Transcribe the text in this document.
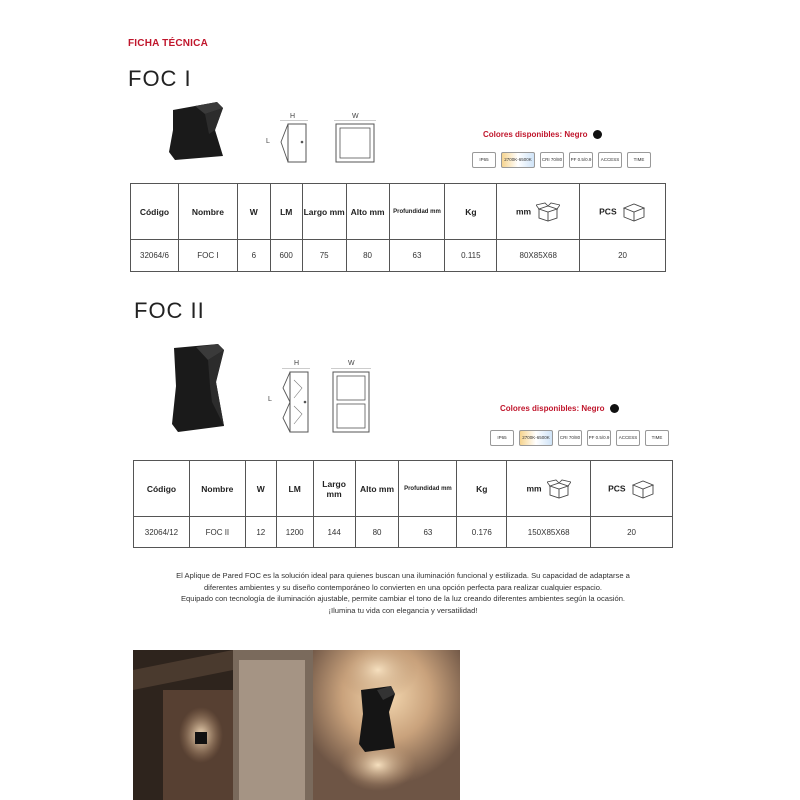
FICHA TÉCNICA
FOC I
H
L
W
Colores disponibles: Negro
IP65	2700K-6500K	CRI 70/80	PF 0.5/0.9	ACCESS	TIME
Código	Nombre	W	LM	Largo mm	Alto mm	Profundidad mm	Kg	mm	PCS
32064/6	FOC I	6	600	75	80	63	0.115	80X85X68	20
FOC II
H
L
W
Colores disponibles: Negro
IP65	2700K-6500K	CRI 70/80	PF 0.5/0.9	ACCESS	TIME
Código	Nombre	W	LM	Largo mm	Alto mm	Profundidad mm	Kg	mm	PCS
32064/12	FOC II	12	1200	144	80	63	0.176	150X85X68	20

El Aplique de Pared FOC es la solución ideal para quienes buscan una iluminación funcional y estilizada. Su capacidad de adaptarse a

diferentes ambientes y su diseño contemporáneo lo convierten en una opción perfecta para realizar cualquier espacio.

Equipado con tecnología de iluminación ajustable, permite cambiar el tono de la luz creando diferentes ambientes según la ocasión.

¡Ilumina tu vida con elegancia y versatilidad!
